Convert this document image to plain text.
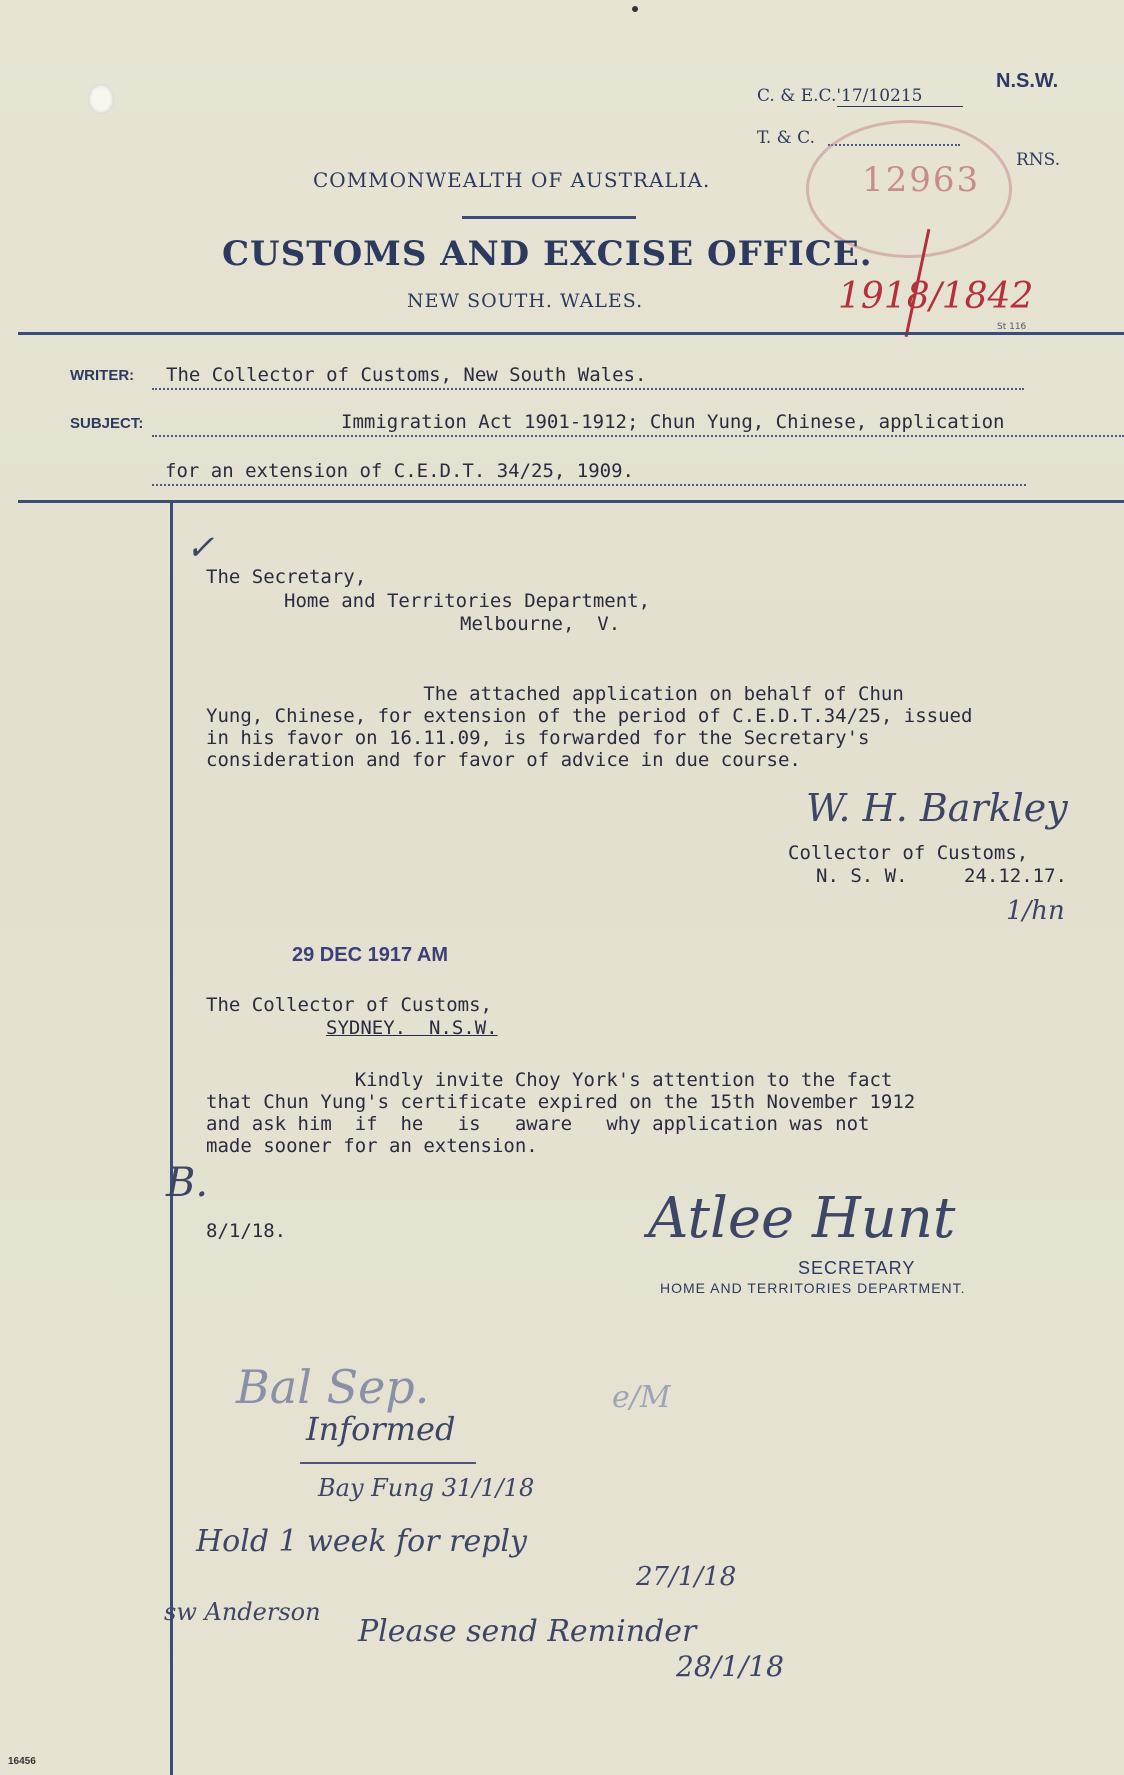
C. & E.C.'17/10215
N.S.W.
T. & C.
RNS.
12963
COMMONWEALTH OF AUSTRALIA.
CUSTOMS AND EXCISE OFFICE.
NEW SOUTH. WALES.	1918/1842
St 116
WRITER: The Collector of Customs, New South Wales.
SUBJECT:	Immigration Act 1901-1912; Chun Yung, Chinese, application
for an extension of C.E.D.T. 34/25, 1909.
✓
The Secretary,
Home and Territories Department,
Melbourne,  V.
The attached application on behalf of Chun
Yung, Chinese, for extension of the period of C.E.D.T.34/25, issued
in his favor on 16.11.09, is forwarded for the Secretary's
consideration and for favor of advice in due course.
W. H. Barkley
Collector of Customs,
N. S. W.	24.12.17.
1/hn
29 DEC 1917 AM
The Collector of Customs,
SYDNEY.  N.S.W.
Kindly invite Choy York's attention to the fact
that Chun Yung's certificate expired on the 15th November 1912
and ask him  if  he   is   aware   why application was not
made sooner for an extension.
B.
8/1/18.	Atlee Hunt
SECRETARY
HOME AND TERRITORIES DEPARTMENT.
Bal Sep.	e/M
Informed
Bay Fung 31/1/18
Hold 1 week for reply
27/1/18
sw Anderson
Please send Reminder
28/1/18
16456
